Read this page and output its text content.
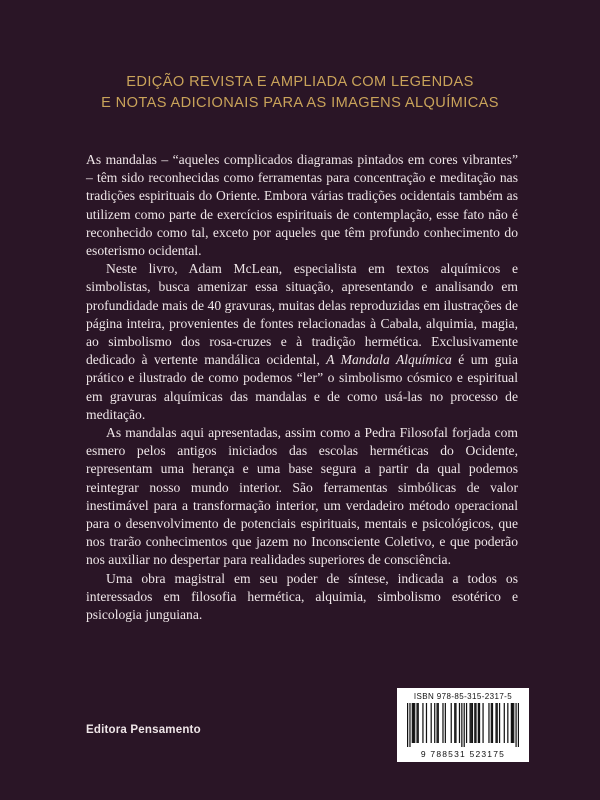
EDIÇÃO REVISTA E AMPLIADA COM LEGENDAS
E NOTAS ADICIONAIS PARA AS IMAGENS ALQUÍMICAS

As mandalas – “aqueles complicados diagramas pintados em cores vibrantes” – têm sido reconhecidas como ferramentas para concentração e meditação nas tradições espirituais do Oriente. Embora várias tradições ocidentais também as utilizem como parte de exercícios espirituais de contemplação, esse fato não é reconhecido como tal, exceto por aqueles que têm profundo conhecimento do esoterismo ocidental.

Neste livro, Adam McLean, especialista em textos alquímicos e simbolistas, busca amenizar essa situação, apresentando e analisando em profundidade mais de 40 gravuras, muitas delas reproduzidas em ilustrações de página inteira, provenientes de fontes relacionadas à Cabala, alquimia, magia, ao simbolismo dos rosa-cruzes e à tradição hermética. Exclusivamente dedicado à vertente mandálica ocidental, A Mandala Alquímica é um guia prático e ilustrado de como podemos “ler” o simbolismo cósmico e espiritual em gravuras alquímicas das mandalas e de como usá-las no processo de meditação.

As mandalas aqui apresentadas, assim como a Pedra Filosofal forjada com esmero pelos antigos iniciados das escolas herméticas do Ocidente, representam uma herança e uma base segura a partir da qual podemos reintegrar nosso mundo interior. São ferramentas simbólicas de valor inestimável para a transformação interior, um verdadeiro método operacional para o desenvolvimento de potenciais espirituais, mentais e psicológicos, que nos trarão conhecimentos que jazem no Inconsciente Coletivo, e que poderão nos auxiliar no despertar para realidades superiores de consciência.

Uma obra magistral em seu poder de síntese, indicada a todos os interessados em filosofia hermética, alquimia, simbolismo esotérico e psicologia junguiana.

Editora Pensamento
ISBN 978-85-315-2317-5
9 788531 523175
